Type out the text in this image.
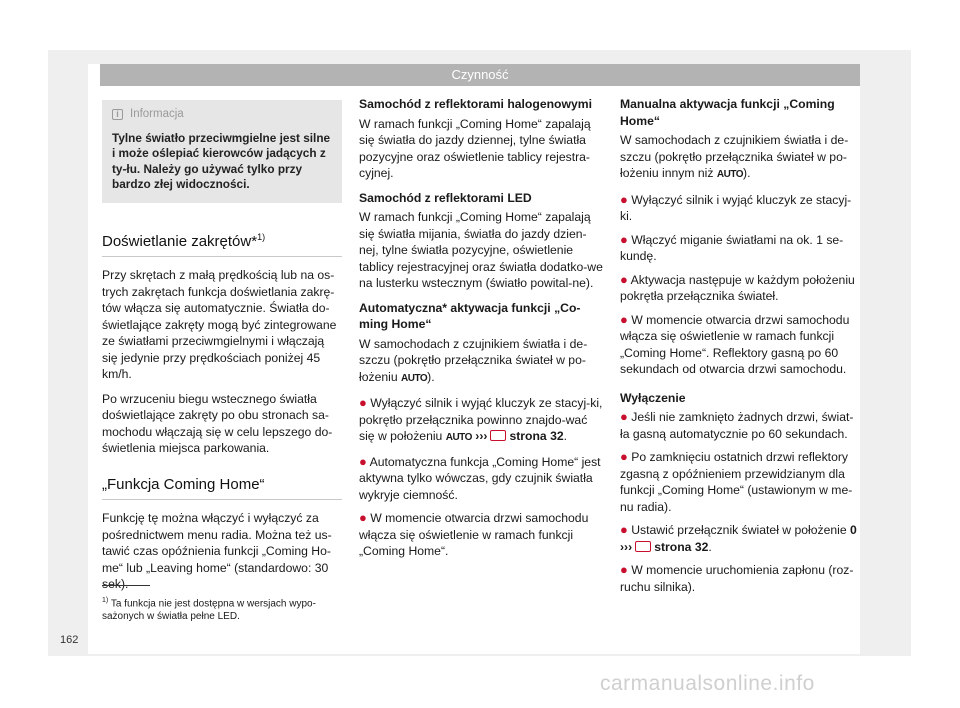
Czynność
i Informacja
Tylne światło przeciwmgielne jest silne i może oślepiać kierowców jadących z ty-łu. Należy go używać tylko przy bardzo złej widoczności.
Doświetlanie zakrętów*$^{1)}$

Przy skrętach z małą prędkością lub na os-trych zakrętach funkcja doświetlania zakrę-tów włącza się automatycznie. Światła do-świetlające zakręty mogą być zintegrowane ze światłami przeciwmgielnymi i włączają się jedynie przy prędkościach poniżej 45 km/h.

Po wrzuceniu biegu wstecznego światła doświetlające zakręty po obu stronach sa-mochodu włączają się w celu lepszego do-świetlenia miejsca parkowania.

„Funkcja Coming Home“

Funkcję tę można włączyć i wyłączyć za pośrednictwem menu radia. Można też us-tawić czas opóźnienia funkcji „Coming Ho-me“ lub „Leaving home“ (standardowo: 30 sek).

Samochód z reflektorami halogenowymi

W ramach funkcji „Coming Home“ zapalają się światła do jazdy dziennej, tylne światła pozycyjne oraz oświetlenie tablicy rejestra-cyjnej.

Samochód z reflektorami LED

W ramach funkcji „Coming Home“ zapalają się światła mijania, światła do jazdy dzien-nej, tylne światła pozycyjne, oświetlenie tablicy rejestracyjnej oraz światła dodatko-we na lusterku wstecznym (światło powital-ne).

Automatyczna* aktywacja funkcji „Co-ming Home“

W samochodach z czujnikiem światła i de-szczu (pokrętło przełącznika świateł w po-łożeniu AUTO).

● Wyłączyć silnik i wyjąć kluczyk ze stacyj-ki, pokrętło przełącznika powinno znajdo-wać się w położeniu AUTO ››› strona 32.
● Automatyczna funkcja „Coming Home“ jest aktywna tylko wówczas, gdy czujnik światła wykryje ciemność.
● W momencie otwarcia drzwi samochodu włącza się oświetlenie w ramach funkcji „Coming Home“.

Manualna aktywacja funkcji „Coming Home“

W samochodach z czujnikiem światła i de-szczu (pokrętło przełącznika świateł w po-łożeniu innym niż AUTO).

● Wyłączyć silnik i wyjąć kluczyk ze stacyj-ki.
● Włączyć miganie światłami na ok. 1 se-kundę.
● Aktywacja następuje w każdym położeniu pokrętła przełącznika świateł.
● W momencie otwarcia drzwi samochodu włącza się oświetlenie w ramach funkcji „Coming Home“. Reflektory gasną po 60 sekundach od otwarcia drzwi samochodu.

Wyłączenie

● Jeśli nie zamknięto żadnych drzwi, świat-ła gasną automatycznie po 60 sekundach.
● Po zamknięciu ostatnich drzwi reflektory zgasną z opóźnieniem przewidzianym dla funkcji „Coming Home“ (ustawionym w me-nu radia).
● Ustawić przełącznik świateł w położenie 0
››› strona 32.
● W momencie uruchomienia zapłonu (roz-ruchu silnika).
$^{1)}$ Ta funkcja nie jest dostępna w wersjach wypo-sażonych w światła pełne LED.
162
carmanualsonline.info
